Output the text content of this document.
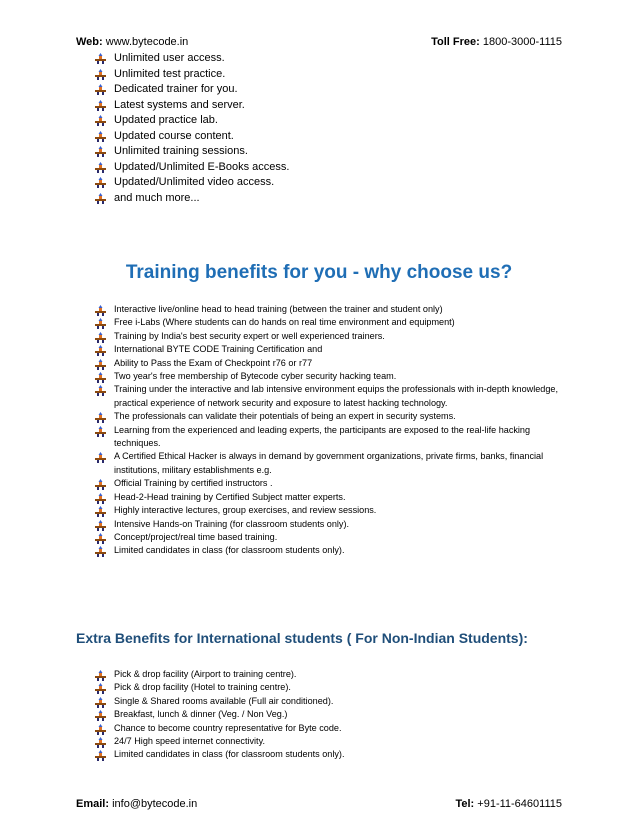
Web: www.bytecode.in	Toll Free: 1800-3000-1115
Unlimited user access.
Unlimited test practice.
Dedicated trainer for you.
Latest systems and server.
Updated practice lab.
Updated course content.
Unlimited training sessions.
Updated/Unlimited E-Books access.
Updated/Unlimited video access.
and much more...
Training benefits for you - why choose us?
Interactive live/online head to head training (between the trainer and student only)
Free i-Labs (Where students can do hands on real time environment and equipment)
Training by India's best security expert or well experienced trainers.
International BYTE CODE Training Certification and
Ability to Pass the Exam of Checkpoint r76 or r77
Two year's free membership of Bytecode cyber security hacking team.
Training under the interactive and lab intensive environment equips the professionals with in-depth knowledge, practical experience of network security and exposure to latest hacking technology.
The professionals can validate their potentials of being an expert in security systems.
Learning from the experienced and leading experts, the participants are exposed to the real-life hacking techniques.
A Certified Ethical Hacker is always in demand by government organizations, private firms, banks, financial institutions, military establishments e.g.
Official Training by certified instructors .
Head-2-Head training by Certified Subject matter experts.
Highly interactive lectures, group exercises, and review sessions.
Intensive Hands-on Training (for classroom students only).
Concept/project/real time based training.
Limited candidates in class (for classroom students only).
Extra Benefits for International students ( For Non-Indian Students):
Pick & drop facility (Airport to training centre).
Pick & drop facility (Hotel to training centre).
Single & Shared rooms available (Full air conditioned).
Breakfast, lunch & dinner (Veg. / Non Veg.)
Chance to become country representative for Byte code.
24/7 High speed internet connectivity.
Limited candidates in class (for classroom students only).
Email: info@bytecode.in	Tel: +91-11-64601115
